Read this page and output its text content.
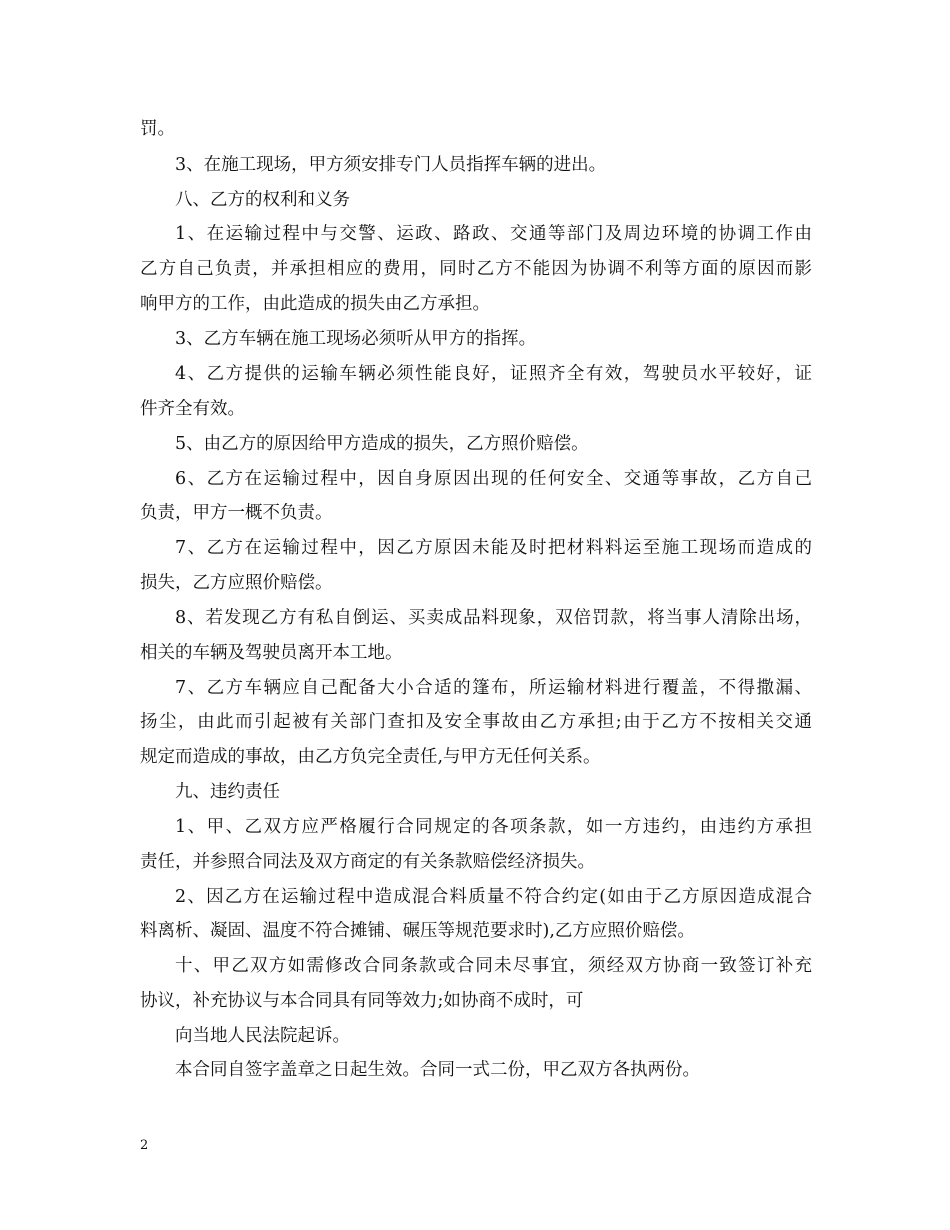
罚。

3、在施工现场，甲方须安排专门人员指挥车辆的进出。

八、乙方的权利和义务

1、在运输过程中与交警、运政、路政、交通等部门及周边环境的协调工作由

乙方自己负责，并承担相应的费用，同时乙方不能因为协调不利等方面的原因而影

响甲方的工作，由此造成的损失由乙方承担。

3、乙方车辆在施工现场必须听从甲方的指挥。

4、乙方提供的运输车辆必须性能良好，证照齐全有效，驾驶员水平较好，证

件齐全有效。

5、由乙方的原因给甲方造成的损失，乙方照价赔偿。

6、乙方在运输过程中，因自身原因出现的任何安全、交通等事故，乙方自己

负责，甲方一概不负责。

7、乙方在运输过程中，因乙方原因未能及时把材料料运至施工现场而造成的

损失，乙方应照价赔偿。

8、若发现乙方有私自倒运、买卖成品料现象，双倍罚款，将当事人清除出场，

相关的车辆及驾驶员离开本工地。

7、乙方车辆应自己配备大小合适的篷布，所运输材料进行覆盖，不得撒漏、

扬尘，由此而引起被有关部门查扣及安全事故由乙方承担;由于乙方不按相关交通

规定而造成的事故，由乙方负完全责任,与甲方无任何关系。

九、违约责任

1、甲、乙双方应严格履行合同规定的各项条款，如一方违约，由违约方承担

责任，并参照合同法及双方商定的有关条款赔偿经济损失。

2、因乙方在运输过程中造成混合料质量不符合约定(如由于乙方原因造成混合

料离析、凝固、温度不符合摊铺、碾压等规范要求时),乙方应照价赔偿。

十、甲乙双方如需修改合同条款或合同未尽事宜，须经双方协商一致签订补充

协议，补充协议与本合同具有同等效力;如协商不成时，可

向当地人民法院起诉。

本合同自签字盖章之日起生效。合同一式二份，甲乙双方各执两份。

2
